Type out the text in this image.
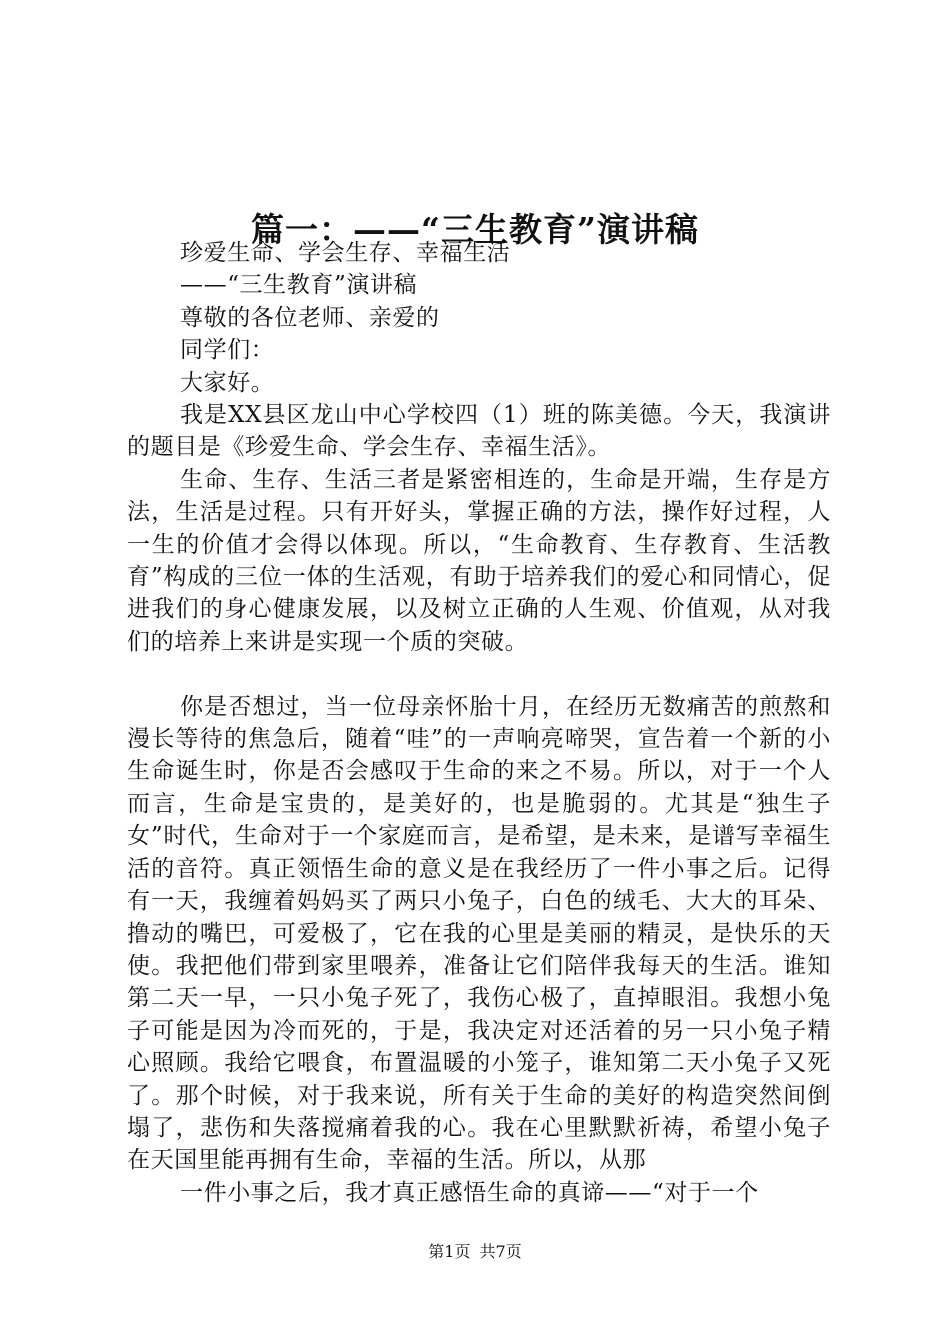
篇一：——“三生教育”演讲稿

珍爱生命、学会生存、幸福生活

——“三生教育”演讲稿

尊敬的各位老师、亲爱的

同学们：

大家好。

我是XX县区龙山中心学校四（1）班的陈美德。今天，我演讲的题目是《珍爱生命、学会生存、幸福生活》。

生命、生存、生活三者是紧密相连的，生命是开端，生存是方法，生活是过程。只有开好头，掌握正确的方法，操作好过程，人一生的价值才会得以体现。所以，“生命教育、生存教育、生活教育”构成的三位一体的生活观，有助于培养我们的爱心和同情心，促进我们的身心健康发展，以及树立正确的人生观、价值观，从对我们的培养上来讲是实现一个质的突破。

你是否想过，当一位母亲怀胎十月，在经历无数痛苦的煎熬和漫长等待的焦急后，随着“哇”的一声响亮啼哭，宣告着一个新的小生命诞生时，你是否会感叹于生命的来之不易。所以，对于一个人而言，生命是宝贵的，是美好的，也是脆弱的。尤其是“独生子女”时代，生命对于一个家庭而言，是希望，是未来，是谱写幸福生活的音符。真正领悟生命的意义是在我经历了一件小事之后。记得有一天，我缠着妈妈买了两只小兔子，白色的绒毛、大大的耳朵、撸动的嘴巴，可爱极了，它在我的心里是美丽的精灵，是快乐的天使。我把他们带到家里喂养，准备让它们陪伴我每天的生活。谁知第二天一早，一只小兔子死了，我伤心极了，直掉眼泪。我想小兔子可能是因为冷而死的，于是，我决定对还活着的另一只小兔子精心照顾。我给它喂食，布置温暖的小笼子，谁知第二天小兔子又死了。那个时候，对于我来说，所有关于生命的美好的构造突然间倒塌了，悲伤和失落搅痛着我的心。我在心里默默祈祷，希望小兔子在天国里能再拥有生命，幸福的生活。所以，从那

一件小事之后，我才真正感悟生命的真谛——“对于一个

第1页 共7页
